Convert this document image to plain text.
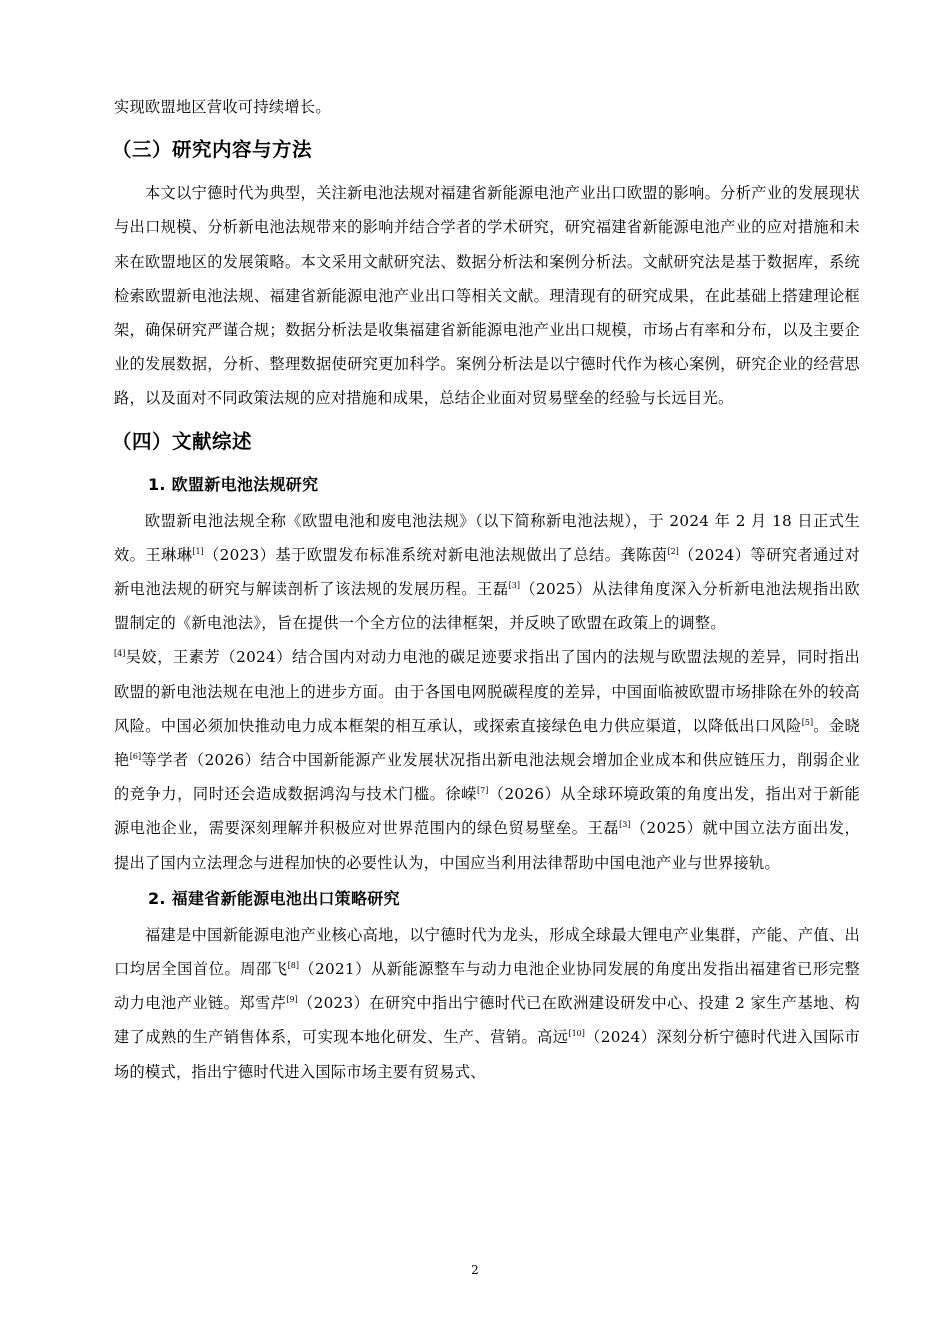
实现欧盟地区营收可持续增长。

（三）研究内容与方法

本文以宁德时代为典型，关注新电池法规对福建省新能源电池产业出口欧盟的影响。分析产业的发展现状与出口规模、分析新电池法规带来的影响并结合学者的学术研究，研究福建省新能源电池产业的应对措施和未来在欧盟地区的发展策略。本文采用文献研究法、数据分析法和案例分析法。文献研究法是基于数据库，系统检索欧盟新电池法规、福建省新能源电池产业出口等相关文献。理清现有的研究成果，在此基础上搭建理论框架，确保研究严谨合规；数据分析法是收集福建省新能源电池产业出口规模，市场占有率和分布，以及主要企业的发展数据，分析、整理数据使研究更加科学。案例分析法是以宁德时代作为核心案例，研究企业的经营思路，以及面对不同政策法规的应对措施和成果，总结企业面对贸易壁垒的经验与长远目光。

（四）文献综述
1. 欧盟新电池法规研究

欧盟新电池法规全称《欧盟电池和废电池法规》（以下简称新电池法规），于 2024 年 2 月 18 日正式生效。王琳琳[1]（2023）基于欧盟发布标准系统对新电池法规做出了总结。龚陈茵[2]（2024）等研究者通过对新电池法规的研究与解读剖析了该法规的发展历程。王磊[3]（2025）从法律角度深入分析新电池法规指出欧盟制定的《新电池法》，旨在提供一个全方位的法律框架，并反映了欧盟在政策上的调整。

[4]吴姣，王素芳（2024）结合国内对动力电池的碳足迹要求指出了国内的法规与欧盟法规的差异，同时指出欧盟的新电池法规在电池上的进步方面。由于各国电网脱碳程度的差异，中国面临被欧盟市场排除在外的较高风险。中国必须加快推动电力成本框架的相互承认，或探索直接绿色电力供应渠道，以降低出口风险[5]。金晓艳[6]等学者（2026）结合中国新能源产业发展状况指出新电池法规会增加企业成本和供应链压力，削弱企业的竞争力，同时还会造成数据鸿沟与技术门槛。徐嵘[7]（2026）从全球环境政策的角度出发，指出对于新能源电池企业，需要深刻理解并积极应对世界范围内的绿色贸易壁垒。王磊[3]（2025）就中国立法方面出发，提出了国内立法理念与进程加快的必要性认为，中国应当利用法律帮助中国电池产业与世界接轨。

2. 福建省新能源电池出口策略研究

福建是中国新能源电池产业核心高地，以宁德时代为龙头，形成全球最大锂电产业集群，产能、产值、出口均居全国首位。周邵飞[8]（2021）从新能源整车与动力电池企业协同发展的角度出发指出福建省已形完整动力电池产业链。郑雪芹[9]（2023）在研究中指出宁德时代已在欧洲建设研发中心、投建 2 家生产基地、构建了成熟的生产销售体系，可实现本地化研发、生产、营销。高远[10]（2024）深刻分析宁德时代进入国际市场的模式，指出宁德时代进入国际市场主要有贸易式、

2
